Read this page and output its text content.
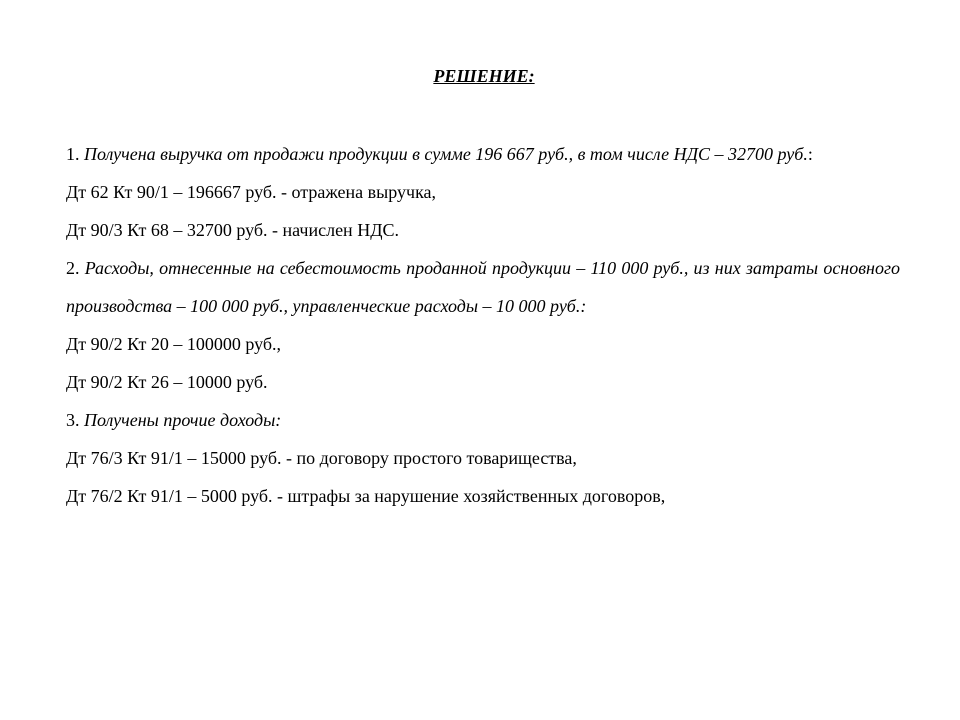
РЕШЕНИЕ:

1. Получена выручка от продажи продукции в сумме 196 667 руб., в том числе НДС – 32700 руб.:

Дт 62 Кт 90/1 – 196667 руб. - отражена выручка,

Дт 90/3 Кт 68 – 32700 руб. - начислен НДС.

2. Расходы, отнесенные на себестоимость проданной продукции – 110 000 руб., из них затраты основного производства – 100 000 руб., управленческие расходы – 10 000 руб.:

Дт 90/2 Кт 20 – 100000 руб.,

Дт 90/2 Кт 26 – 10000 руб.

3. Получены прочие доходы:

Дт 76/3 Кт 91/1 – 15000 руб. - по договору простого товарищества,

Дт 76/2 Кт 91/1 – 5000 руб. - штрафы за нарушение хозяйственных договоров,
